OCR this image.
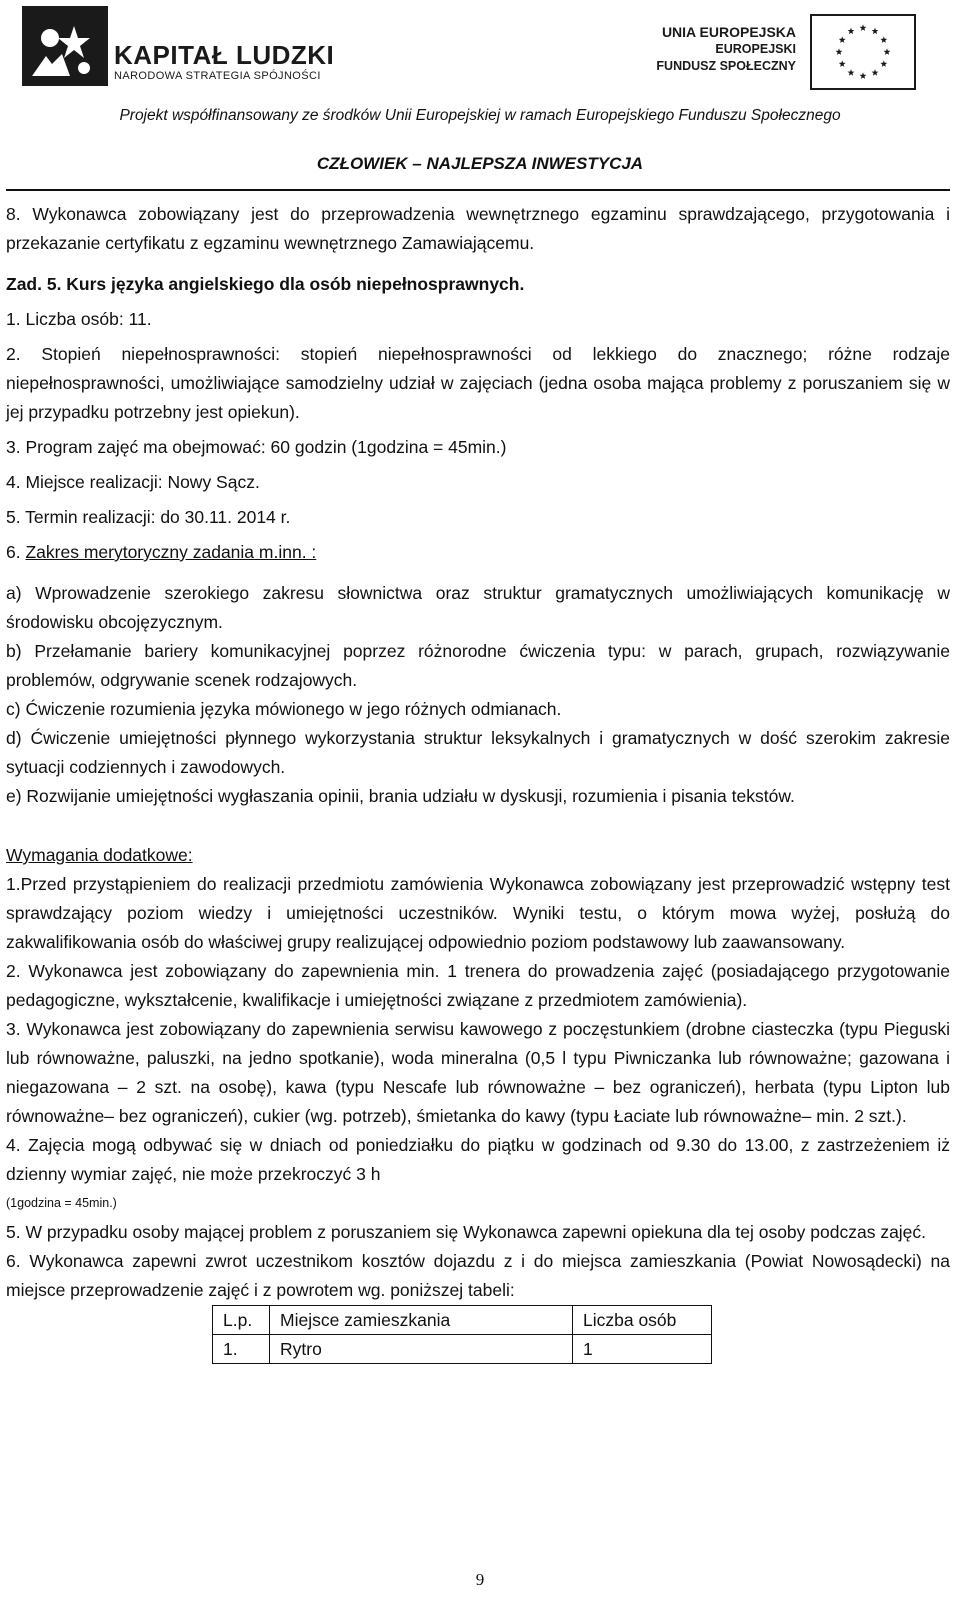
KAPITAŁ LUDZKI
NARODOWA STRATEGIA SPÓJNOŚCI
UNIA EUROPEJSKA
EUROPEJSKI
FUNDUSZ SPOŁECZNY
Projekt współfinansowany ze środków Unii Europejskiej w ramach Europejskiego Funduszu Społecznego
CZŁOWIEK – NAJLEPSZA INWESTYCJA

8. Wykonawca zobowiązany jest do przeprowadzenia wewnętrznego egzaminu sprawdzającego, przygotowania i przekazanie certyfikatu z egzaminu wewnętrznego Zamawiającemu.

Zad. 5. Kurs języka angielskiego dla osób niepełnosprawnych.

1. Liczba osób: 11.

2. Stopień niepełnosprawności: stopień niepełnosprawności od lekkiego do znacznego; różne rodzaje niepełnosprawności, umożliwiające samodzielny udział w zajęciach (jedna osoba mająca problemy z poruszaniem się w jej przypadku potrzebny jest opiekun).

3. Program zajęć ma obejmować: 60 godzin (1godzina = 45min.)

4. Miejsce realizacji: Nowy Sącz.

5. Termin realizacji: do 30.11. 2014 r.

6. Zakres merytoryczny zadania m.inn. :

a) Wprowadzenie szerokiego zakresu słownictwa oraz struktur gramatycznych umożliwiających komunikację w środowisku obcojęzycznym.

b) Przełamanie bariery komunikacyjnej poprzez różnorodne ćwiczenia typu: w parach, grupach, rozwiązywanie problemów, odgrywanie scenek rodzajowych.

c) Ćwiczenie rozumienia języka mówionego w jego różnych odmianach.

d) Ćwiczenie umiejętności płynnego wykorzystania struktur leksykalnych i gramatycznych w dość szerokim zakresie sytuacji codziennych i zawodowych.

e) Rozwijanie umiejętności wygłaszania opinii, brania udziału w dyskusji, rozumienia i pisania tekstów.

Wymagania dodatkowe:

1.Przed przystąpieniem do realizacji przedmiotu zamówienia Wykonawca zobowiązany jest przeprowadzić wstępny test sprawdzający poziom wiedzy i umiejętności uczestników. Wyniki testu, o którym mowa wyżej, posłużą do zakwalifikowania osób do właściwej grupy realizującej odpowiednio poziom podstawowy lub zaawansowany.

2. Wykonawca jest zobowiązany do zapewnienia min. 1 trenera do prowadzenia zajęć (posiadającego przygotowanie pedagogiczne, wykształcenie, kwalifikacje i umiejętności związane z przedmiotem zamówienia).

3. Wykonawca jest zobowiązany do zapewnienia serwisu kawowego z poczęstunkiem (drobne ciasteczka (typu Pieguski lub równoważne, paluszki, na jedno spotkanie), woda mineralna (0,5 l typu Piwniczanka lub równoważne; gazowana i niegazowana – 2 szt. na osobę), kawa (typu Nescafe lub równoważne – bez ograniczeń), herbata (typu Lipton lub równoważne– bez ograniczeń), cukier (wg. potrzeb), śmietanka do kawy (typu Łaciate lub równoważne– min. 2 szt.).

4. Zajęcia mogą odbywać się w dniach od poniedziałku do piątku w godzinach od 9.30 do 13.00, z zastrzeżeniem iż dzienny wymiar zajęć, nie może przekroczyć 3 h

(1godzina = 45min.)

5. W przypadku osoby mającej problem z poruszaniem się Wykonawca zapewni opiekuna dla tej osoby podczas zajęć.

6. Wykonawca zapewni zwrot uczestnikom kosztów dojazdu z i do miejsca zamieszkania (Powiat Nowosądecki) na miejsce przeprowadzenie zajęć i z powrotem wg. poniższej tabeli:

L.p.	Miejsce zamieszkania	Liczba osób
1.	Rytro	1
9
